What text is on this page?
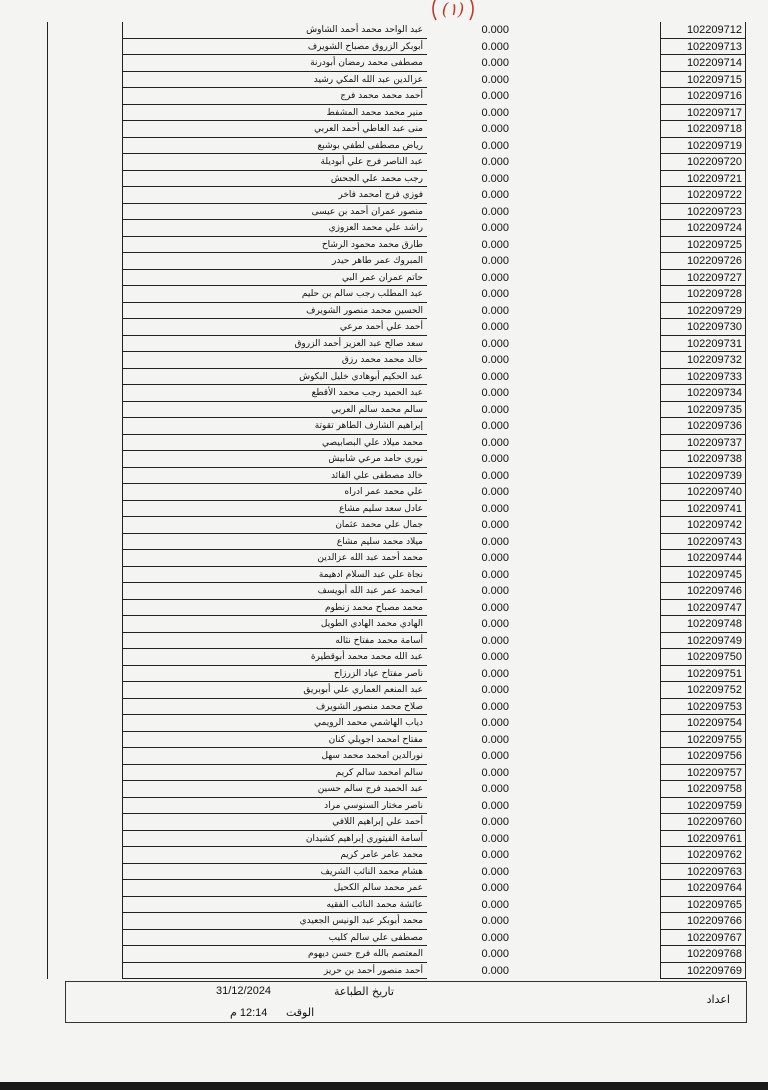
(١)
عبد الواحد محمد أحمد الشاوش	0.000	102209712
أبوبكر الزروق مصباح الشويرف	0.000	102209713
مصطفى محمد رمضان أبودرنة	0.000	102209714
عزالدين عبد الله المكي رشيد	0.000	102209715
أحمد محمد محمد فرج	0.000	102209716
منير محمد محمد المشفط	0.000	102209717
منى عبد العاطي أحمد العربي	0.000	102209718
رياض مصطفى لطفي بوشبع	0.000	102209719
عبد الناصر فرج علي أبوديلة	0.000	102209720
رجب محمد علي الجحش	0.000	102209721
فوزي فرج امحمد فاخر	0.000	102209722
منصور عمران أحمد بن عيسى	0.000	102209723
راشد علي محمد العزوزي	0.000	102209724
طارق محمد محمود الرشاح	0.000	102209725
المبروك عمر طاهر حيدر	0.000	102209726
حاتم عمران عمر البي	0.000	102209727
عبد المطلب رجب سالم بن حليم	0.000	102209728
الحسين محمد منصور الشويرف	0.000	102209729
أحمد علي أحمد مرعي	0.000	102209730
سعد صالح عبد العزيز أحمد الزروق	0.000	102209731
خالد محمد محمد رزق	0.000	102209732
عبد الحكيم أبوهادي خليل البكوش	0.000	102209733
عبد الحميد رجب محمد الأقطع	0.000	102209734
سالم محمد سالم العربي	0.000	102209735
إبراهيم الشارف الطاهر تقوتة	0.000	102209736
محمد ميلاد علي البصابيصي	0.000	102209737
نوري حامد مرعي شابيش	0.000	102209738
خالد مصطفى علي القائد	0.000	102209739
علي محمد عمر ادراه	0.000	102209740
عادل سعد سليم مشاع	0.000	102209741
جمال علي محمد عثمان	0.000	102209742
ميلاد محمد سليم مشاع	0.000	102209743
محمد أحمد عبد الله عزالدين	0.000	102209744
نجاة علي عبد السلام ادهيمة	0.000	102209745
امحمد عمر عبد الله أبويسف	0.000	102209746
محمد مصباح محمد زنطوم	0.000	102209747
الهادي محمد الهادي الطويل	0.000	102209748
أسامة محمد مفتاح نثاله	0.000	102209749
عبد الله محمد محمد أبوقطيرة	0.000	102209750
ناصر مفتاح عياد الزرزاح	0.000	102209751
عبد المنعم العماري علي أبوبريق	0.000	102209752
صلاح محمد منصور الشويرف	0.000	102209753
دياب الهاشمي محمد الرويمي	0.000	102209754
مفتاح امحمد اجويلي كنان	0.000	102209755
نورالدين امحمد محمد سهل	0.000	102209756
سالم امحمد سالم كريم	0.000	102209757
عبد الحميد فرج سالم حسين	0.000	102209758
ناصر مختار السنوسي مراد	0.000	102209759
أحمد علي إبراهيم اللافي	0.000	102209760
أسامة الفيتوري إبراهيم كشيدان	0.000	102209761
محمد عامر عامر كريم	0.000	102209762
هشام محمد النائب الشريف	0.000	102209763
عمر محمد سالم الكحيل	0.000	102209764
عائشة محمد النائب الفقيه	0.000	102209765
محمد أبوبكر عبد الونيس الجعيدي	0.000	102209766
مصطفى علي سالم كليب	0.000	102209767
المعتصم بالله فرج حسن ديهوم	0.000	102209768
أحمد منصور أحمد بن حريز	0.000	102209769
اعداد
تاريخ الطباعة
31/12/2024
الوقت
12:14 م
